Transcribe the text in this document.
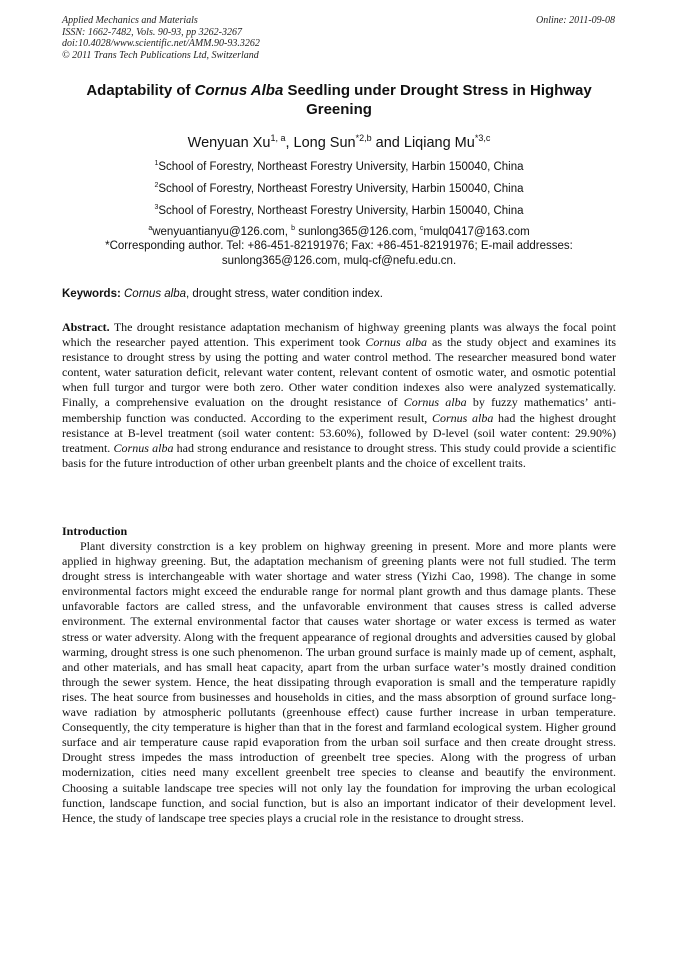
Applied Mechanics and Materials
ISSN: 1662-7482, Vols. 90-93, pp 3262-3267
doi:10.4028/www.scientific.net/AMM.90-93.3262
© 2011 Trans Tech Publications Ltd, Switzerland
Online: 2011-09-08
Adaptability of Cornus Alba Seedling under Drought Stress in Highway Greening
Wenyuan Xu$^{1, a}$, Long Sun$^{*2,b}$ and Liqiang Mu$^{*3,c}$
$^1$School of Forestry, Northeast Forestry University, Harbin 150040, China
$^2$School of Forestry, Northeast Forestry University, Harbin 150040, China
$^3$School of Forestry, Northeast Forestry University, Harbin 150040, China
$^a$wenyuantianyu@126.com, $^b$ sunlong365@126.com, $^c$mulq0417@163.com
*Corresponding author. Tel: +86-451-82191976; Fax: +86-451-82191976; E-mail addresses: sunlong365@126.com, mulq-cf@nefu.edu.cn.
Keywords: Cornus alba, drought stress, water condition index.
Abstract. The drought resistance adaptation mechanism of highway greening plants was always the focal point which the researcher payed attention. This experiment took Cornus alba as the study object and examines its resistance to drought stress by using the potting and water control method. The researcher measured bond water content, water saturation deficit, relevant water content, relevant content of osmotic water, and osmotic potential when full turgor and turgor were both zero. Other water condition indexes also were analyzed systematically. Finally, a comprehensive evaluation on the drought resistance of Cornus alba by fuzzy mathematics’ anti-membership function was conducted. According to the experiment result, Cornus alba had the highest drought resistance at B-level treatment (soil water content: 53.60%), followed by D-level (soil water content: 29.90%) treatment. Cornus alba had strong endurance and resistance to drought stress. This study could provide a scientific basis for the future introduction of other urban greenbelt plants and the choice of excellent traits.
Introduction
Plant diversity constrction is a key problem on highway greening in present. More and more plants were applied in highway greening. But, the adaptation mechanism of greening plants were not full studied. The term drought stress is interchangeable with water shortage and water stress (Yizhi Cao, 1998). The change in some environmental factors might exceed the endurable range for normal plant growth and thus damage plants. These unfavorable factors are called stress, and the unfavorable environment that causes stress is called adverse environment. The external environmental factor that causes water shortage or water excess is termed as water stress or water adversity. Along with the frequent appearance of regional droughts and adversities caused by global warming, drought stress is one such phenomenon. The urban ground surface is mainly made up of cement, asphalt, and other materials, and has small heat capacity, apart from the urban surface water’s mostly drained condition through the sewer system. Hence, the heat dissipating through evaporation is small and the temperature rapidly rises. The heat source from businesses and households in cities, and the mass absorption of ground surface long-wave radiation by atmospheric pollutants (greenhouse effect) cause further increase in urban temperature. Consequently, the city temperature is higher than that in the forest and farmland ecological system. Higher ground surface and air temperature cause rapid evaporation from the urban soil surface and then create drought stress. Drought stress impedes the mass introduction of greenbelt tree species. Along with the progress of urban modernization, cities need many excellent greenbelt tree species to cleanse and beautify the environment. Choosing a suitable landscape tree species will not only lay the foundation for improving the urban ecological function, landscape function, and social function, but is also an important indicator of their development level. Hence, the study of landscape tree species plays a crucial role in the resistance to drought stress.
